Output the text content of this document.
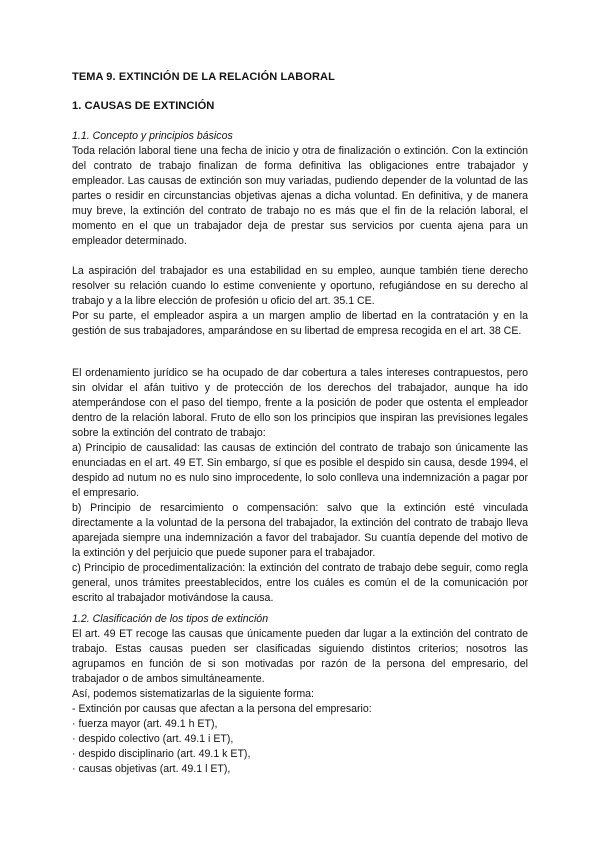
TEMA 9. EXTINCIÓN DE LA RELACIÓN LABORAL
1. CAUSAS DE EXTINCIÓN
1.1. Concepto y principios básicos

Toda relación laboral tiene una fecha de inicio y otra de finalización o extinción. Con la extinción del contrato de trabajo finalizan de forma definitiva las obligaciones entre trabajador y empleador. Las causas de extinción son muy variadas, pudiendo depender de la voluntad de las partes o residir en circunstancias objetivas ajenas a dicha voluntad. En definitiva, y de manera muy breve, la extinción del contrato de trabajo no es más que el fin de la relación laboral, el momento en el que un trabajador deja de prestar sus servicios por cuenta ajena para un empleador determinado.

La aspiración del trabajador es una estabilidad en su empleo, aunque también tiene derecho resolver su relación cuando lo estime conveniente y oportuno, refugiándose en su derecho al trabajo y a la libre elección de profesión u oficio del art. 35.1 CE.

Por su parte, el empleador aspira a un margen amplio de libertad en la contratación y en la gestión de sus trabajadores, amparándose en su libertad de empresa recogida en el art. 38 CE.

El ordenamiento jurídico se ha ocupado de dar cobertura a tales intereses contrapuestos, pero sin olvidar el afán tuitivo y de protección de los derechos del trabajador, aunque ha ido atemperándose con el paso del tiempo, frente a la posición de poder que ostenta el empleador dentro de la relación laboral. Fruto de ello son los principios que inspiran las previsiones legales sobre la extinción del contrato de trabajo:

a) Principio de causalidad: las causas de extinción del contrato de trabajo son únicamente las enunciadas en el art. 49 ET. Sin embargo, sí que es posible el despido sin causa, desde 1994, el despido ad nutum no es nulo sino improcedente, lo solo conlleva una indemnización a pagar por el empresario.

b) Principio de resarcimiento o compensación: salvo que la extinción esté vinculada directamente a la voluntad de la persona del trabajador, la extinción del contrato de trabajo lleva aparejada siempre una indemnización a favor del trabajador. Su cuantía depende del motivo de la extinción y del perjuicio que puede suponer para el trabajador.

c) Principio de procedimentalización: la extinción del contrato de trabajo debe seguir, como regla general, unos trámites preestablecidos, entre los cuáles es común el de la comunicación por escrito al trabajador motivándose la causa.

1.2. Clasificación de los tipos de extinción

El art. 49 ET recoge las causas que únicamente pueden dar lugar a la extinción del contrato de trabajo. Estas causas pueden ser clasificadas siguiendo distintos criterios; nosotros las agrupamos en función de si son motivadas por razón de la persona del empresario, del trabajador o de ambos simultáneamente.

Así, podemos sistematizarlas de la siguiente forma:

- Extinción por causas que afectan a la persona del empresario:

· fuerza mayor (art. 49.1 h ET),
· despido colectivo (art. 49.1 i ET),
· despido disciplinario (art. 49.1 k ET),
· causas objetivas (art. 49.1 l ET),
